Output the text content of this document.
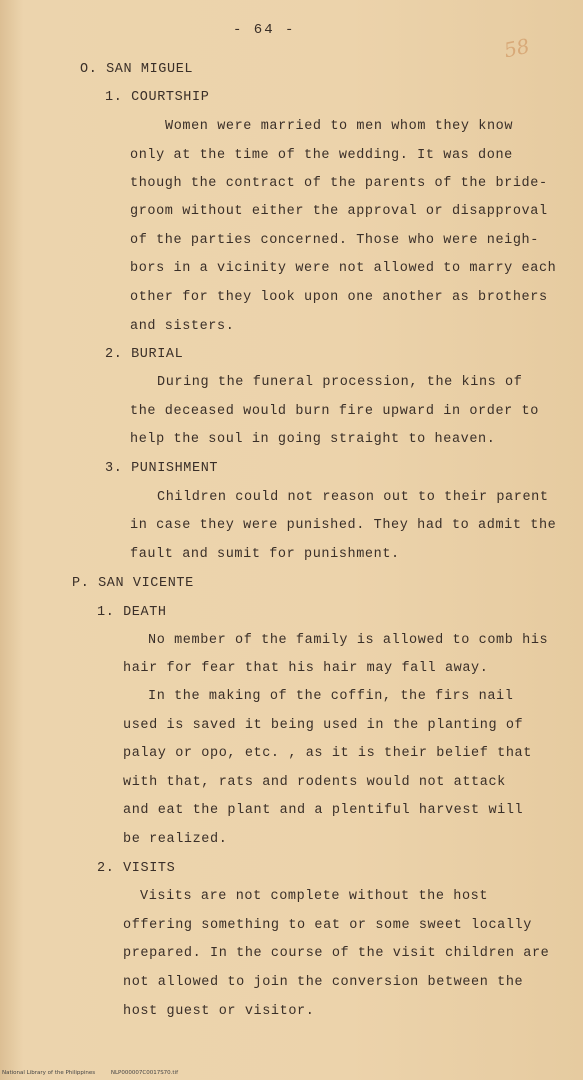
- 64 -
58
O. SAN MIGUEL
1. COURTSHIP
Women were married to men whom they know
only at the time of the wedding. It was done
though the contract of the parents of the bride-
groom without either the approval or disapproval
of the parties concerned. Those who were neigh-
bors in a vicinity were not allowed to marry each
other for they look upon one another as brothers
and sisters.
2. BURIAL
During the funeral procession, the kins of
the deceased would burn fire upward in order to
help the soul in going straight to heaven.
3. PUNISHMENT
Children could not reason out to their parent
in case they were punished. They had to admit the
fault and sumit for punishment.
P. SAN VICENTE
1. DEATH
No member of the family is allowed to comb his
hair for fear that his hair may fall away.
In the making of the coffin, the firs nail
used is saved it being used in the planting of
palay or opo, etc. , as it is their belief that
with that, rats and rodents would not attack
and eat the plant and a plentiful harvest will
be realized.
2. VISITS
Visits are not complete without the host
offering something to eat or some sweet locally
prepared. In the course of the visit children are
not allowed to join the conversion between the
host guest or visitor.
National Library of the Philippines	NLP000007C0017S70.tif
